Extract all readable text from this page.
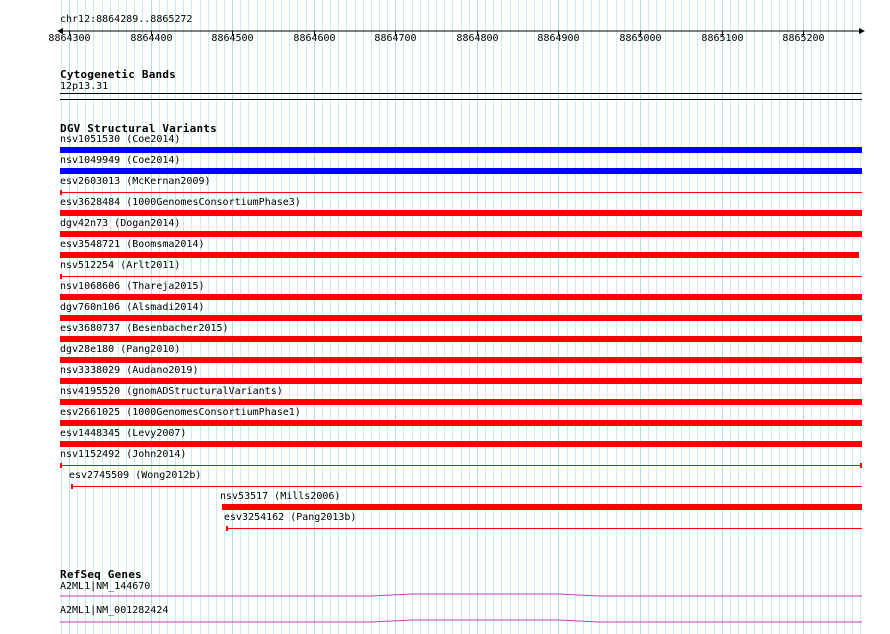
chr12:8864289..8865272
8864300	8864400	8864500	8864600	8864700	8864800	8864900	8865000	8865100	8865200
Cytogenetic Bands
12p13.31
DGV Structural Variants
nsv1051530 (Coe2014)
nsv1049949 (Coe2014)
esv2603013 (McKernan2009)
esv3628484 (1000GenomesConsortiumPhase3)
dgv42n73 (Dogan2014)
esv3548721 (Boomsma2014)
nsv512254 (Arlt2011)
nsv1068606 (Thareja2015)
dgv760n106 (Alsmadi2014)
esv3680737 (Besenbacher2015)
dgv28e180 (Pang2010)
nsv3338029 (Audano2019)
nsv4195520 (gnomADStructuralVariants)
esv2661025 (1000GenomesConsortiumPhase1)
esv1448345 (Levy2007)
nsv1152492 (John2014)
esv2745509 (Wong2012b)
nsv53517 (Mills2006)
esv3254162 (Pang2013b)
RefSeq Genes
A2ML1|NM_144670
A2ML1|NM_001282424
